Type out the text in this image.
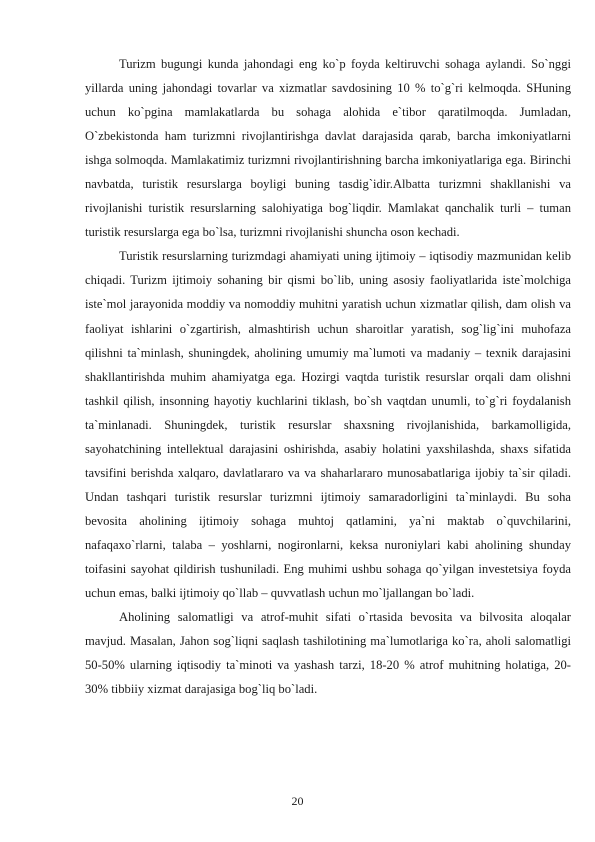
Turizm bugungi kunda jahondagi eng ko`p foyda keltiruvchi sohaga aylandi. So`nggi yillarda uning jahondagi tovarlar va xizmatlar savdosining 10 % to`g`ri kelmoqda. SHuning uchun ko`pgina mamlakatlarda bu sohaga alohida e`tibor qaratilmoqda. Jumladan, O`zbekistonda ham turizmni rivojlantirishga davlat darajasida qarab, barcha imkoniyatlarni ishga solmoqda. Mamlakatimiz turizmni rivojlantirishning barcha imkoniyatlariga ega. Birinchi navbatda, turistik resurslarga boyligi buning tasdig`idir.Albatta turizmni shakllanishi va rivojlanishi turistik resurslarning salohiyatiga bog`liqdir. Mamlakat qanchalik turli – tuman turistik resurslarga ega bo`lsa, turizmni rivojlanishi shuncha oson kechadi.

Turistik resurslarning turizmdagi ahamiyati uning ijtimoiy – iqtisodiy mazmunidan kelib chiqadi. Turizm ijtimoiy sohaning bir qismi bo`lib, uning asosiy faoliyatlarida iste`molchiga iste`mol jarayonida moddiy va nomoddiy muhitni yaratish uchun xizmatlar qilish, dam olish va faoliyat ishlarini o`zgartirish, almashtirish uchun sharoitlar yaratish, sog`lig`ini muhofaza qilishni ta`minlash, shuningdek, aholining umumiy ma`lumoti va madaniy – texnik darajasini shakllantirishda muhim ahamiyatga ega. Hozirgi vaqtda turistik resurslar orqali dam olishni tashkil qilish, insonning hayotiy kuchlarini tiklash, bo`sh vaqtdan unumli, to`g`ri foydalanish ta`minlanadi. Shuningdek, turistik resurslar shaxsning rivojlanishida, barkamolligida, sayohatchining intellektual darajasini oshirishda, asabiy holatini yaxshilashda, shaxs sifatida tavsifini berishda xalqaro, davlatlararo va va shaharlararo munosabatlariga ijobiy ta`sir qiladi. Undan tashqari turistik resurslar turizmni ijtimoiy samaradorligini ta`minlaydi. Bu soha bevosita aholining ijtimoiy sohaga muhtoj qatlamini, ya`ni maktab o`quvchilarini, nafaqaxo`rlarni, talaba – yoshlarni, nogironlarni, keksa nuroniylari kabi aholining shunday toifasini sayohat qildirish tushuniladi. Eng muhimi ushbu sohaga qo`yilgan investetsiya foyda uchun emas, balki ijtimoiy qo`llab – quvvatlash uchun mo`ljallangan bo`ladi.

Aholining salomatligi va atrof-muhit sifati o`rtasida bevosita va bilvosita aloqalar mavjud. Masalan, Jahon sog`liqni saqlash tashilotining ma`lumotlariga ko`ra, aholi salomatligi 50-50% ularning iqtisodiy ta`minoti va yashash tarzi, 18-20 % atrof muhitning holatiga, 20-30% tibbiiy xizmat darajasiga bog`liq bo`ladi.

20
